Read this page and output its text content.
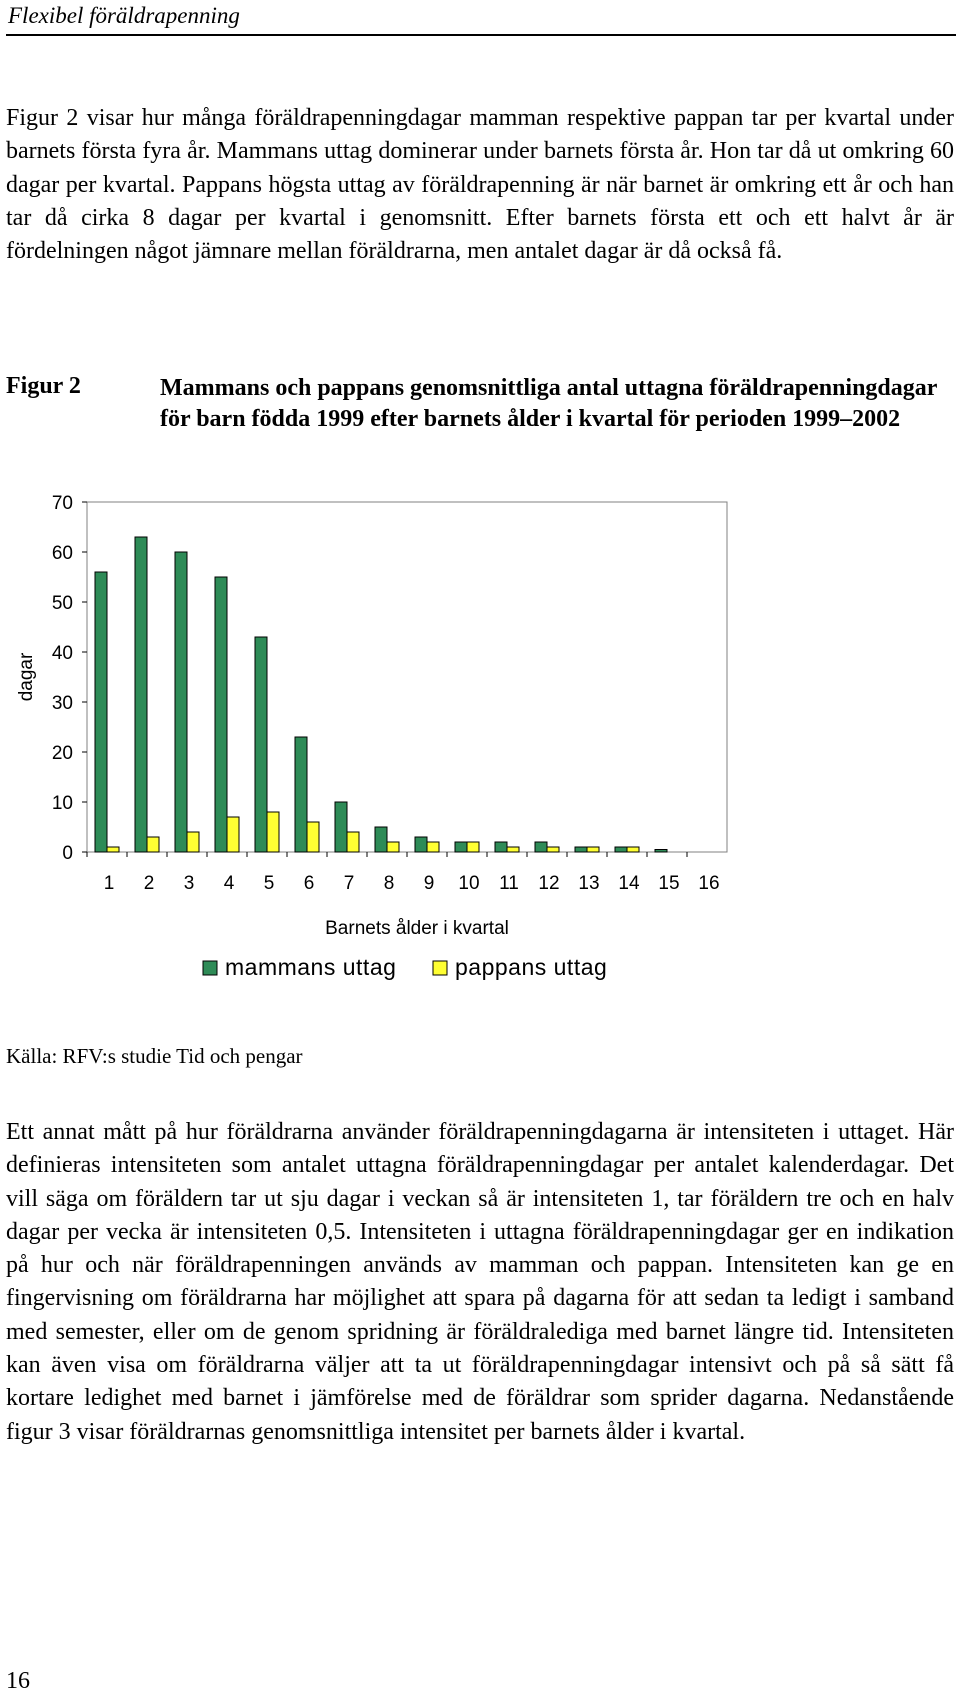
Flexibel föräldrapenning

Figur 2 visar hur många föräldrapenningdagar mamman respektive pappan tar per kvartal under barnets första fyra år. Mammans uttag dominerar under barnets första år. Hon tar då ut omkring 60 dagar per kvartal. Pappans högsta uttag av föräldrapenning är när barnet är omkring ett år och han tar då cirka 8 dagar per kvartal i genomsnitt. Efter barnets första ett och ett halvt år är fördelningen något jämnare mellan föräldrarna, men antalet dagar är då också få.

Figur 2	Mammans och pappans genomsnittliga antal uttagna föräldrapenningdagar för barn födda 1999 efter barnets ålder i kvartal för perioden 1999–2002

0
10
20
30
40
50
60
70
1 2 3 4 5 6 7 8 9 10 11 12 13 14 15 16
Barnets ålder i kvartal
dagar
mammans uttag	pappans uttag
Källa: RFV:s studie Tid och pengar

Ett annat mått på hur föräldrarna använder föräldrapenningdagarna är intensiteten i uttaget. Här definieras intensiteten som antalet uttagna föräldrapenningdagar per antalet kalenderdagar. Det vill säga om föräldern tar ut sju dagar i veckan så är intensiteten 1, tar föräldern tre och en halv dagar per vecka är intensiteten 0,5. Intensiteten i uttagna föräldrapenningdagar ger en indikation på hur och när föräldrapenningen används av mamman och pappan. Intensiteten kan ge en fingervisning om föräldrarna har möjlighet att spara på dagarna för att sedan ta ledigt i samband med semester, eller om de genom spridning är föräldralediga med barnet längre tid. Intensiteten kan även visa om föräldrarna väljer att ta ut föräldrapenningdagar intensivt och på så sätt få kortare ledighet med barnet i jämförelse med de föräldrar som sprider dagarna. Nedanstående figur 3 visar föräldrarnas genomsnittliga intensitet per barnets ålder i kvartal.

16
